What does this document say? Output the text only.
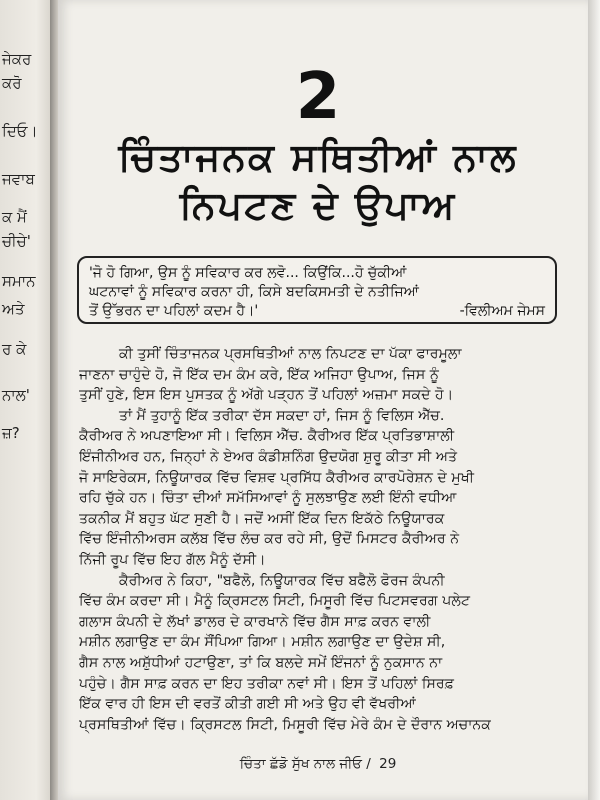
ਜੇਕਰ
ਕਰੋ
ਦਿਓ।
ਜਵਾਬ
ਕ ਮੈਂ
ਚੀਚੇ'
ਸਮਾਨ
ਅਤੇ
ਰ ਕੇ
ਨਾਲ'
ਜ਼?
2
ਚਿੰਤਾਜਨਕ ਸਥਿਤੀਆਂ ਨਾਲ
ਨਿਪਟਣ ਦੇ ਉਪਾਅ
'ਜੋ ਹੋ ਗਿਆ, ਉਸ ਨੂੰ ਸਵਿਕਾਰ ਕਰ ਲਵੋ... ਕਿਉਂਕਿ...ਹੋ ਚੁੱਕੀਆਂ
ਘਟਨਾਵਾਂ ਨੂੰ ਸਵਿਕਾਰ ਕਰਨਾ ਹੀ, ਕਿਸੇ ਬਦਕਿਸਮਤੀ ਦੇ ਨਤੀਜਿਆਂ
ਤੋਂ ਉੱਭਰਨ ਦਾ ਪਹਿਲਾਂ ਕਦਮ ਹੈ।'	-ਵਿਲੀਅਮ ਜੇਮਸ
ਕੀ ਤੁਸੀਂ ਚਿੰਤਾਜਨਕ ਪ੍ਰਸਥਿਤੀਆਂ ਨਾਲ ਨਿਪਟਣ ਦਾ ਪੱਕਾ ਫਾਰਮੂਲਾ
ਜਾਣਨਾ ਚਾਹੁੰਦੇ ਹੋ, ਜੋ ਇੱਕ ਦਮ ਕੰਮ ਕਰੇ, ਇੱਕ ਅਜਿਹਾ ਉਪਾਅ, ਜਿਸ ਨੂੰ
ਤੁਸੀਂ ਹੁਣੇ, ਇਸ ਇਸ ਪੁਸਤਕ ਨੂੰ ਅੱਗੇ ਪੜ੍ਹਨ ਤੋਂ ਪਹਿਲਾਂ ਅਜ਼ਮਾ ਸਕਦੇ ਹੋ।
ਤਾਂ ਮੈਂ ਤੁਹਾਨੂੰ ਇੱਕ ਤਰੀਕਾ ਦੱਸ ਸਕਦਾ ਹਾਂ, ਜਿਸ ਨੂੰ ਵਿਲਿਸ ਐੱਚ.
ਕੈਰੀਅਰ ਨੇ ਅਪਣਾਇਆ ਸੀ। ਵਿਲਿਸ ਐੱਚ. ਕੈਰੀਅਰ ਇੱਕ ਪ੍ਰਤਿਭਾਸ਼ਾਲੀ
ਇੰਜੀਨੀਅਰ ਹਨ, ਜਿਨ੍ਹਾਂ ਨੇ ਏਅਰ ਕੰਡੀਸ਼ਨਿੰਗ ਉਦਯੋਗ ਸ਼ੁਰੂ ਕੀਤਾ ਸੀ ਅਤੇ
ਜੋ ਸਾਇਰੇਕਸ, ਨਿਊਯਾਰਕ ਵਿੱਚ ਵਿਸ਼ਵ ਪ੍ਰਸਿੱਧ ਕੈਰੀਅਰ ਕਾਰਪੋਰੇਸ਼ਨ ਦੇ ਮੁਖੀ
ਰਹਿ ਚੁੱਕੇ ਹਨ। ਚਿੰਤਾ ਦੀਆਂ ਸਮੱਸਿਆਵਾਂ ਨੂੰ ਸੁਲਝਾਉਣ ਲਈ ਇੰਨੀ ਵਧੀਆ
ਤਕਨੀਕ ਮੈਂ ਬਹੁਤ ਘੱਟ ਸੁਣੀ ਹੈ। ਜਦੋਂ ਅਸੀਂ ਇੱਕ ਦਿਨ ਇਕੱਠੇ ਨਿਊਯਾਰਕ
ਵਿੱਚ ਇੰਜੀਨੀਅਰਸ ਕਲੱਬ ਵਿੱਚ ਲੰਚ ਕਰ ਰਹੇ ਸੀ, ਉਦੋਂ ਮਿਸਟਰ ਕੈਰੀਅਰ ਨੇ
ਨਿੱਜੀ ਰੂਪ ਵਿੱਚ ਇਹ ਗੱਲ ਮੈਨੂੰ ਦੱਸੀ।
ਕੈਰੀਅਰ ਨੇ ਕਿਹਾ, "ਬਫੈਲੋ, ਨਿਊਯਾਰਕ ਵਿੱਚ ਬਫੈਲੋ ਫੋਰਜ ਕੰਪਨੀ
ਵਿੱਚ ਕੰਮ ਕਰਦਾ ਸੀ। ਮੈਨੂੰ ਕ੍ਰਿਸਟਲ ਸਿਟੀ, ਮਿਸੂਰੀ ਵਿੱਚ ਪਿਟਸਵਰਗ ਪਲੇਟ
ਗਲਾਸ ਕੰਪਨੀ ਦੇ ਲੱਖਾਂ ਡਾਲਰ ਦੇ ਕਾਰਖਾਨੇ ਵਿੱਚ ਗੈਸ ਸਾਫ਼ ਕਰਨ ਵਾਲੀ
ਮਸ਼ੀਨ ਲਗਾਉਣ ਦਾ ਕੰਮ ਸੌਂਪਿਆ ਗਿਆ। ਮਸ਼ੀਨ ਲਗਾਉਣ ਦਾ ਉਦੇਸ਼ ਸੀ,
ਗੈਸ ਨਾਲ ਅਸ਼ੁੱਧੀਆਂ ਹਟਾਉਣਾ, ਤਾਂ ਕਿ ਬਲਦੇ ਸਮੇਂ ਇੰਜਨਾਂ ਨੂੰ ਨੁਕਸਾਨ ਨਾ
ਪਹੁੰਚੇ। ਗੈਸ ਸਾਫ਼ ਕਰਨ ਦਾ ਇਹ ਤਰੀਕਾ ਨਵਾਂ ਸੀ। ਇਸ ਤੋਂ ਪਹਿਲਾਂ ਸਿਰਫ਼
ਇੱਕ ਵਾਰ ਹੀ ਇਸ ਦੀ ਵਰਤੋਂ ਕੀਤੀ ਗਈ ਸੀ ਅਤੇ ਉਹ ਵੀ ਵੱਖਰੀਆਂ
ਪ੍ਰਸਥਿਤੀਆਂ ਵਿੱਚ। ਕ੍ਰਿਸਟਲ ਸਿਟੀ, ਮਿਸੂਰੀ ਵਿੱਚ ਮੇਰੇ ਕੰਮ ਦੇ ਦੌਰਾਨ ਅਚਾਨਕ
ਚਿੰਤਾ ਛੱਡੋ ਸੁੱਖ ਨਾਲ ਜੀਓ / 29
